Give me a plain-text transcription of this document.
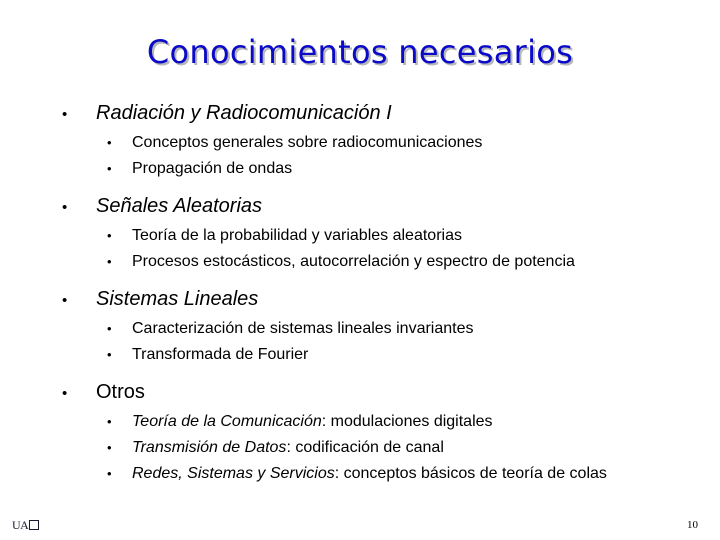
Conocimientos necesarios
•	Radiación y Radiocomunicación I
•	Conceptos generales sobre radiocomunicaciones
•	Propagación de ondas
•	Señales Aleatorias
•	Teoría de la probabilidad y variables aleatorias
•	Procesos estocásticos, autocorrelación y espectro de potencia
•	Sistemas Lineales
•	Caracterización de sistemas lineales invariantes
•	Transformada de Fourier
•	Otros
•	Teoría de la Comunicación: modulaciones digitales
•	Transmisión de Datos: codificación de canal
•	Redes, Sistemas y Servicios: conceptos básicos de teoría de colas
UA	10
